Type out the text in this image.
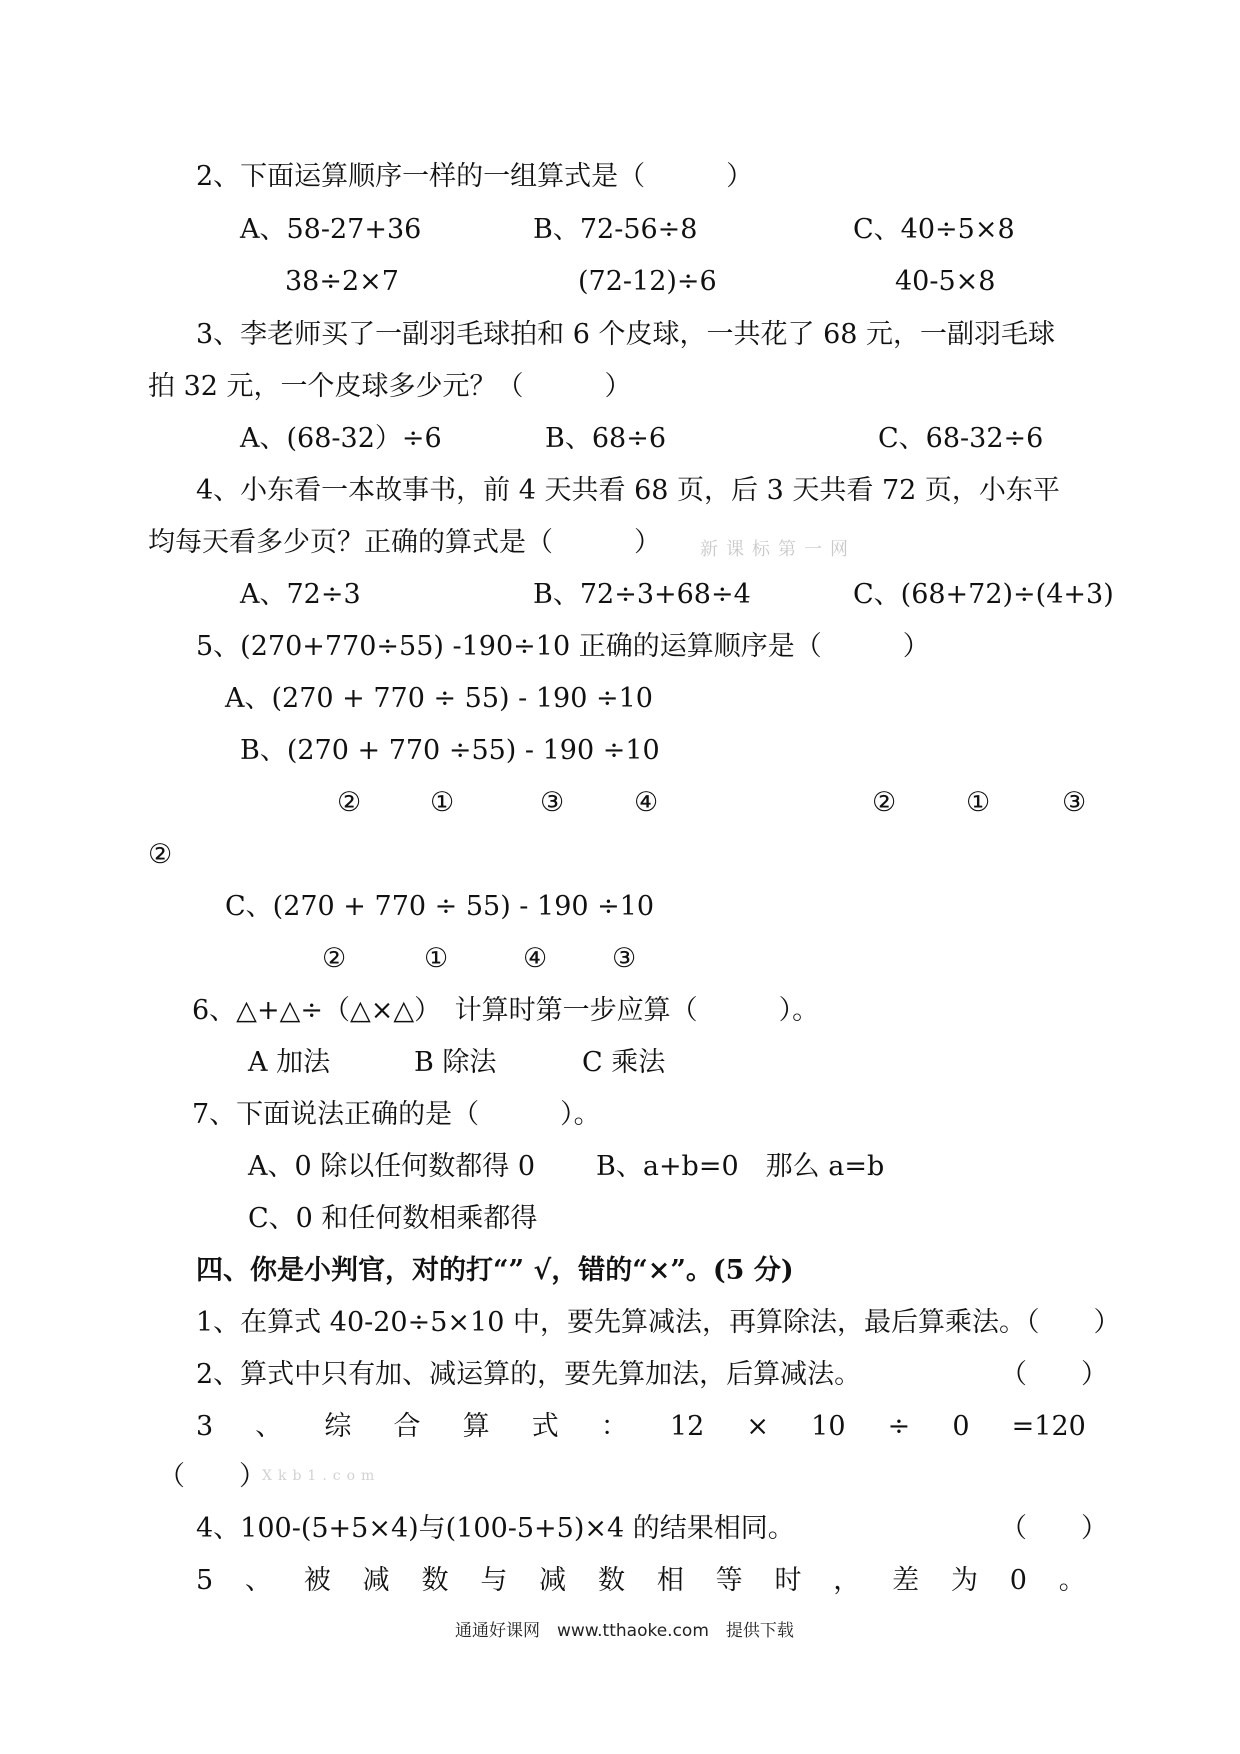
2、下面运算顺序一样的一组算式是（　　　）
A、58-27+36	B、72-56÷8	C、40÷5×8
38÷2×7	(72-12)÷6	40-5×8
3、李老师买了一副羽毛球拍和 6 个皮球，一共花了 68 元，一副羽毛球
拍 32 元，一个皮球多少元？（　　　）
A、(68-32）÷6	B、68÷6	C、68-32÷6
4、小东看一本故事书，前 4 天共看 68 页，后 3 天共看 72 页，小东平
均每天看多少页？正确的算式是（　　　） 新课标第一网
A、72÷3	B、72÷3+68÷4	C、(68+72)÷(4+3)
5、(270+770÷55) -190÷10 正确的运算顺序是（　　　）
A、(270 + 770 ÷ 55) - 190 ÷10
B、(270 + 770 ÷55) - 190 ÷10
②	①	③	④	②	①	③
②
C、(270 + 770 ÷ 55) - 190 ÷10
②	①	④ ③
6、△+△÷（△×△）　计算时第一步应算（　　　）。
A 加法	B 除法	C 乘法
7、下面说法正确的是（　　　）。
A、0 除以任何数都得 0 B、a+b=0　那么 a=b
C、0 和任何数相乘都得
四、你是小判官，对的打“” √，错的“×”。(5 分)
1、在算式 40-20÷5×10 中，要先算减法，再算除法，最后算乘法。（　　）
2、算式中只有加、减运算的，要先算加法，后算减法。	（　　）
3 、 综 合 算 式 ： 12 × 10 ÷ 0 =120
（　　）
Xkb1.com
4、100-(5+5×4)与(100-5+5)×4 的结果相同。	（　　）
5 、 被 减 数 与 减 数 相 等 时 ， 差 为 0 。
通通好课网　www.tthaoke.com　提供下载
